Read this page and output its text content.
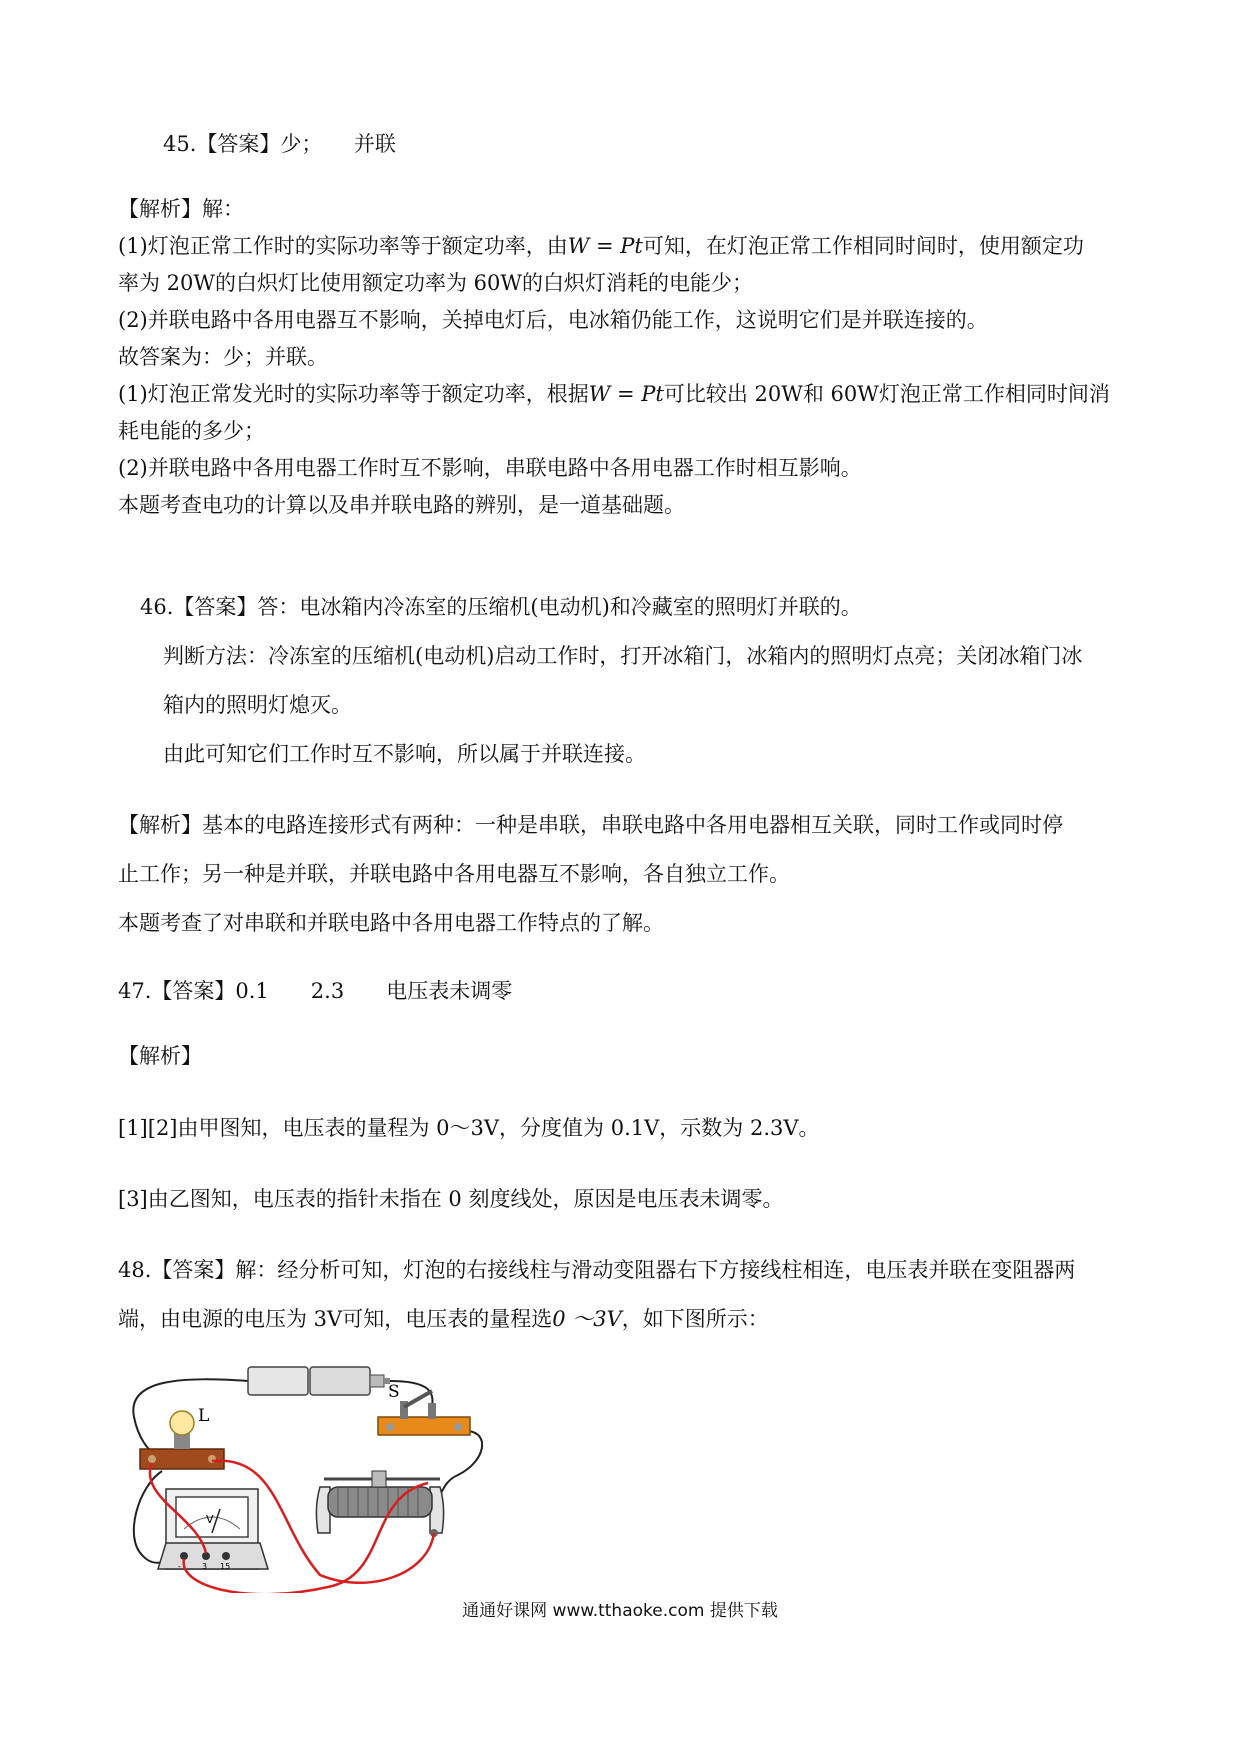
45.【答案】少；　　并联
【解析】解：
(1)灯泡正常工作时的实际功率等于额定功率，由W = Pt可知，在灯泡正常工作相同时间时，使用额定功
率为 20W的白炽灯比使用额定功率为 60W的白炽灯消耗的电能少；
(2)并联电路中各用电器互不影响，关掉电灯后，电冰箱仍能工作，这说明它们是并联连接的。
故答案为：少；并联。
(1)灯泡正常发光时的实际功率等于额定功率，根据W = Pt可比较出 20W和 60W灯泡正常工作相同时间消
耗电能的多少；
(2)并联电路中各用电器工作时互不影响，串联电路中各用电器工作时相互影响。
本题考查电功的计算以及串并联电路的辨别，是一道基础题。
46.【答案】答：电冰箱内冷冻室的压缩机(电动机)和冷藏室的照明灯并联的。
判断方法：冷冻室的压缩机(电动机)启动工作时，打开冰箱门，冰箱内的照明灯点亮；关闭冰箱门冰
箱内的照明灯熄灭。
由此可知它们工作时互不影响，所以属于并联连接。
【解析】基本的电路连接形式有两种：一种是串联，串联电路中各用电器相互关联，同时工作或同时停
止工作；另一种是并联，并联电路中各用电器互不影响，各自独立工作。
本题考查了对串联和并联电路中各用电器工作特点的了解。
47.【答案】0.1　　2.3　　电压表未调零
【解析】
[1][2]由甲图知，电压表的量程为 0～3V，分度值为 0.1V，示数为 2.3V。
[3]由乙图知，电压表的指针未指在 0 刻度线处，原因是电压表未调零。
48.【答案】解：经分析可知，灯泡的右接线柱与滑动变阻器右下方接线柱相连，电压表并联在变阻器两
端，由电源的电压为 3V可知，电压表的量程选0 ～3V，如下图所示：
S
L
V
-	3 15
通通好课网 www.tthaoke.com 提供下载
